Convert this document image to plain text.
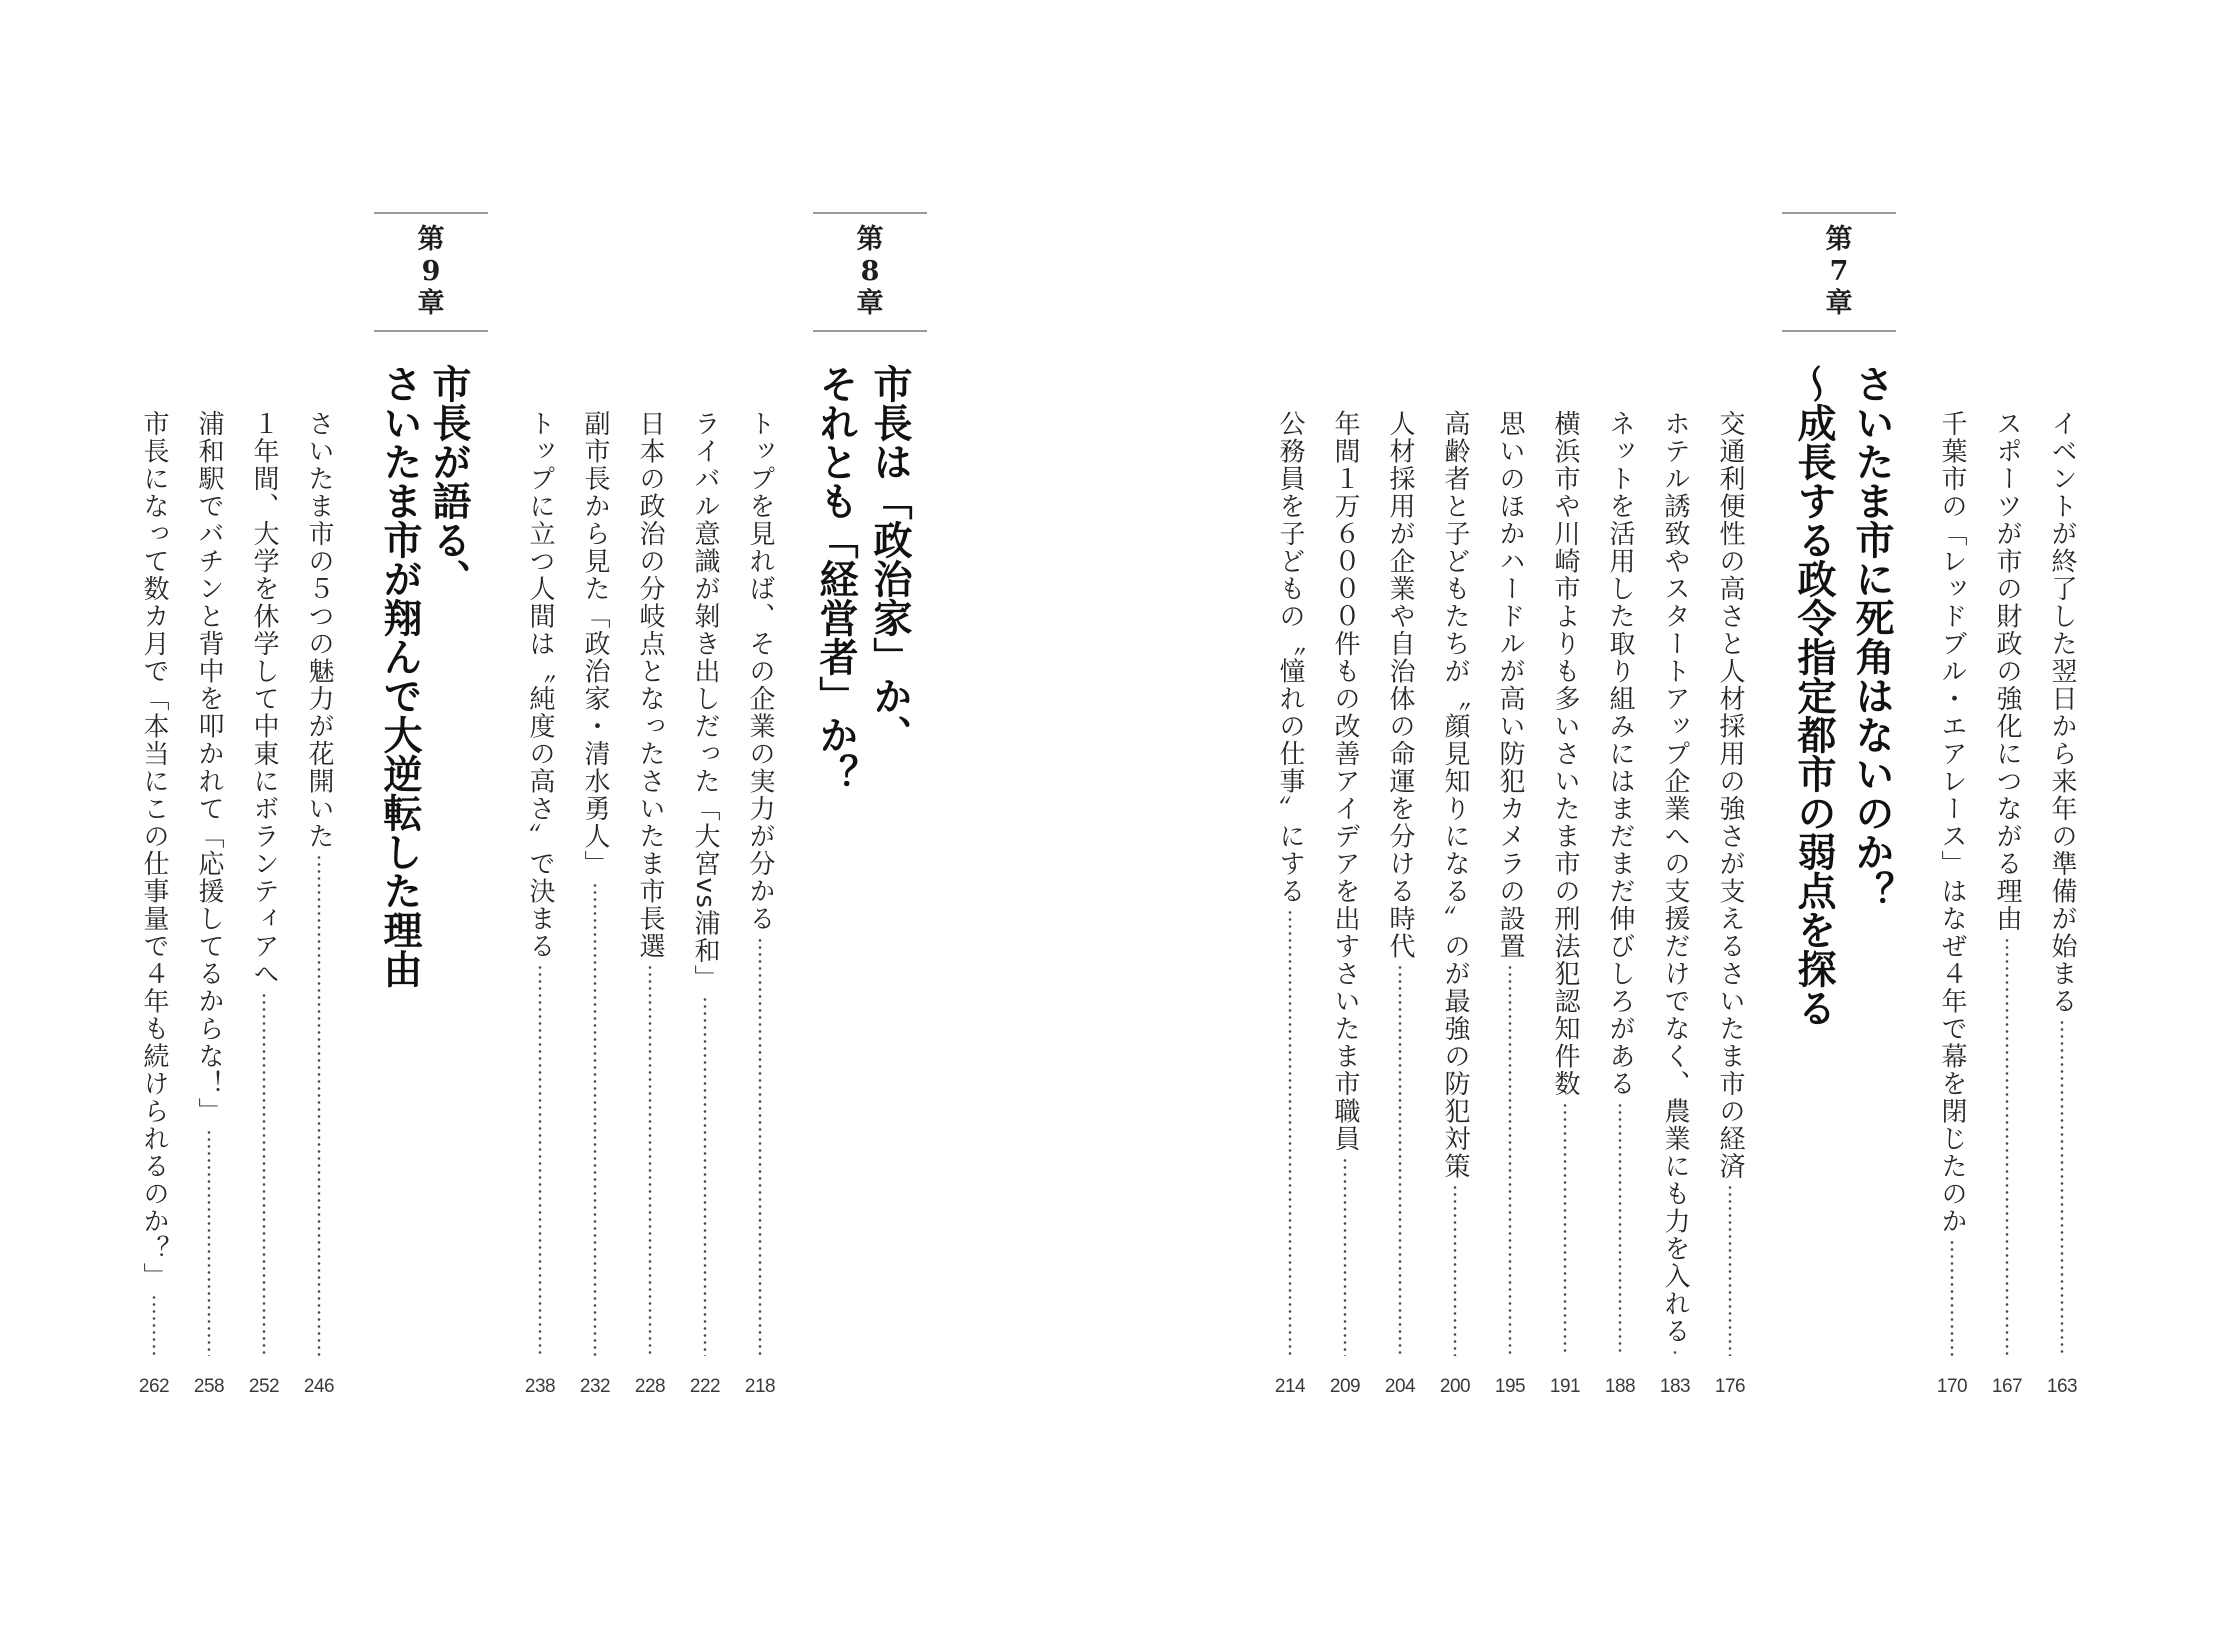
イベントが終了した翌日から来年の準備が始まる
163
スポーツが市の財政の強化につながる理由
167
千葉市の「レッドブル・エアレース」はなぜ４年で幕を閉じたのか
170
第
7
章
さいたま市に死角はないのか？
～成長する政令指定都市の弱点を探る
交通利便性の高さと人材採用の強さが支えるさいたま市の経済
176
ホテル誘致やスタートアップ企業への支援だけでなく、農業にも力を入れる
183
ネットを活用した取り組みにはまだまだ伸びしろがある
188
横浜市や川崎市よりも多いさいたま市の刑法犯認知件数
191
思いのほかハードルが高い防犯カメラの設置
195
高齢者と子どもたちが〝顔見知りになる〟のが最強の防犯対策
200
人材採用が企業や自治体の命運を分ける時代
204
年間１万６０００件もの改善アイデアを出すさいたま市職員
209
公務員を子どもの〝憧れの仕事〟にする
214
第
8
章
市長は「政治家」か、
それとも「経営者」か？
トップを見れば、その企業の実力が分かる
218
ライバル意識が剝き出しだった「大宮vs浦和」
222
日本の政治の分岐点となったさいたま市長選
228
副市長から見た「政治家・清水勇人」
232
トップに立つ人間は〝純度の高さ〟で決まる
238
第
9
章
市長が語る、
さいたま市が翔んで大逆転した理由
さいたま市の５つの魅力が花開いた
246
１年間、大学を休学して中東にボランティアへ
252
浦和駅でバチンと背中を叩かれて「応援してるからな！」
258
市長になって数カ月で「本当にこの仕事量で４年も続けられるのか？」
262
